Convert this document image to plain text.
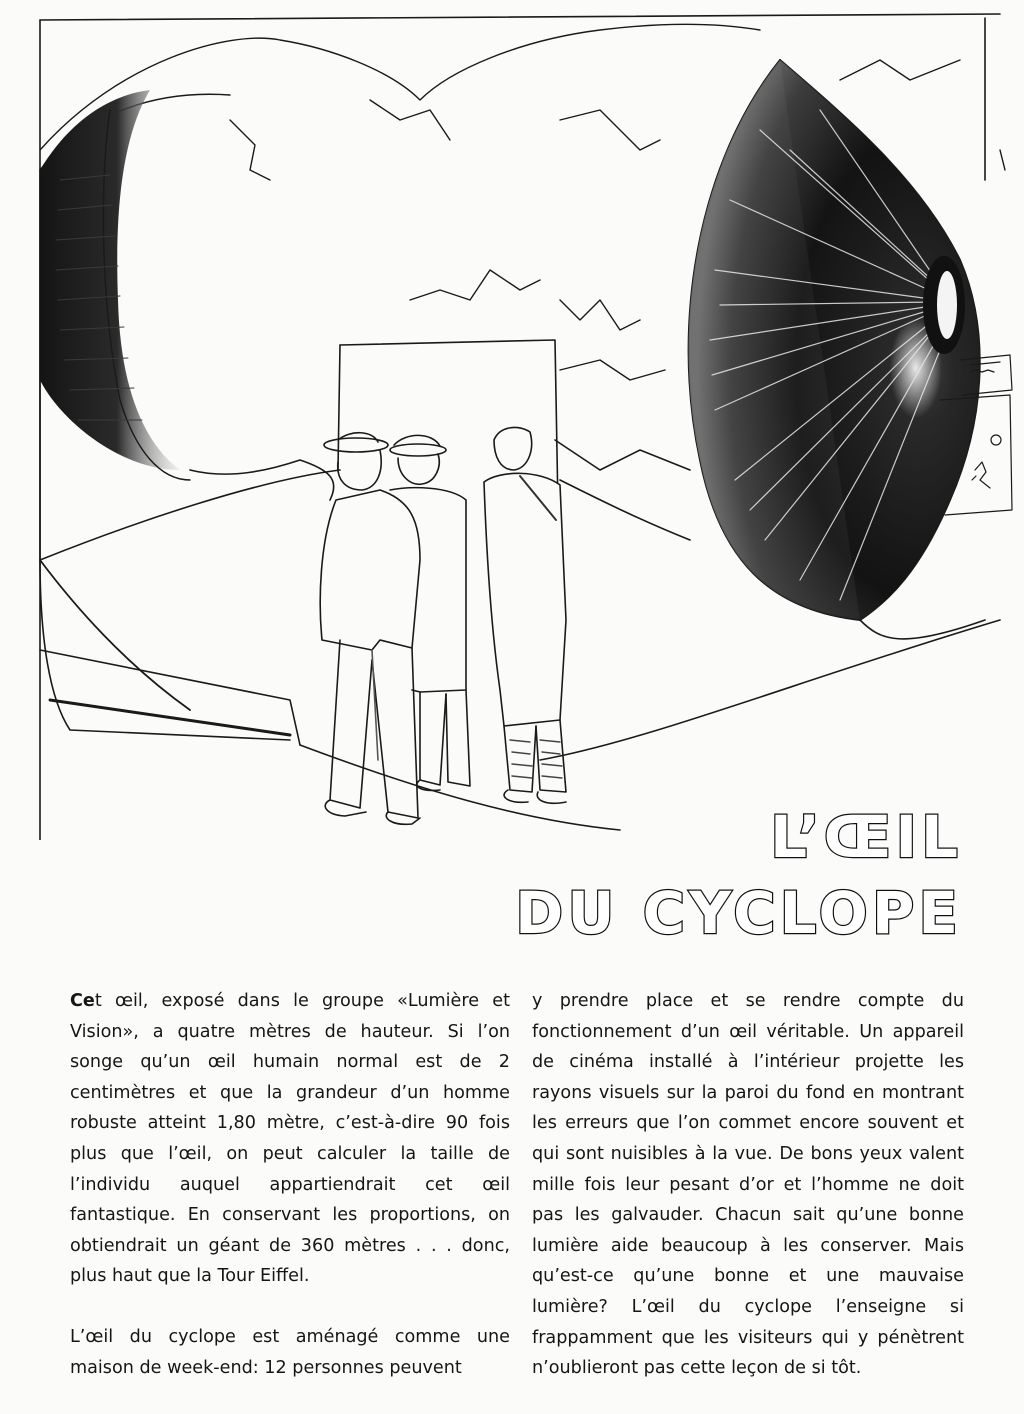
L’ŒIL
DU CYCLOPE

Cet œil, exposé dans le groupe «Lumière et Vision», a quatre mètres de hauteur. Si l’on songe qu’un œil humain normal est de 2 centimètres et que la grandeur d’un homme robuste atteint 1,80 mètre, c’est-à-dire 90 fois plus que l’œil, on peut calculer la taille de l’individu auquel appartiendrait cet œil fantastique. En conservant les proportions, on obtiendrait un géant de 360 mètres . . . donc, plus haut que la Tour Eiffel.

L’œil du cyclope est aménagé comme une maison de week-end: 12 personnes peuvent

y prendre place et se rendre compte du fonctionnement d’un œil véritable. Un appareil de cinéma installé à l’intérieur projette les rayons visuels sur la paroi du fond en montrant les erreurs que l’on commet encore souvent et qui sont nuisibles à la vue. De bons yeux valent mille fois leur pesant d’or et l’homme ne doit pas les galvauder. Chacun sait qu’une bonne lumière aide beaucoup à les conserver. Mais qu’est-ce qu’une bonne et une mauvaise lumière? L’œil du cyclope l’enseigne si frappamment que les visiteurs qui y pénètrent n’oublieront pas cette leçon de si tôt.
